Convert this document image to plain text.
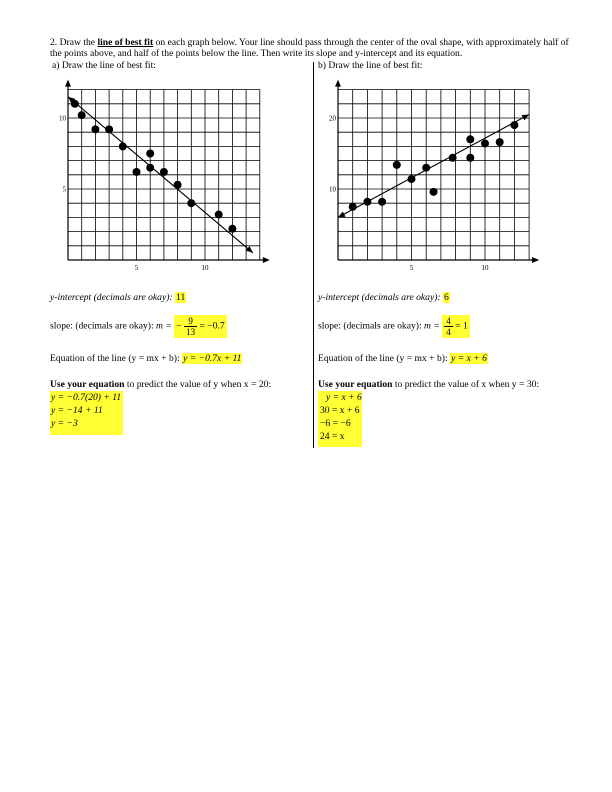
2. Draw the line of best fit on each graph below. Your line should pass through the center of the oval shape, with approximately half of the points above, and half of the points below the line. Then write its slope and y-intercept and its equation.
a) Draw the line of best fit:	b) Draw the line of best fit:
5	10
5
10
5	10
10
20
y-intercept (decimals are okay): 11
slope: (decimals are okay): m = − $\frac{9}{13} = -0.7$
Equation of the line (y = mx + b): y = −0.7x + 11
Use your equation to predict the value of y when x = 20:
y = −0.7(20) + 11
y = −14 + 11
y = −3
y-intercept (decimals are okay): 6
slope: (decimals are okay): $m = \frac{4}{4} = 1$
Equation of the line (y = mx + b): y = x + 6
Use your equation to predict the value of x when y = 30:
y = x + 6
30 = x + 6
−6 = −6
24 = x
